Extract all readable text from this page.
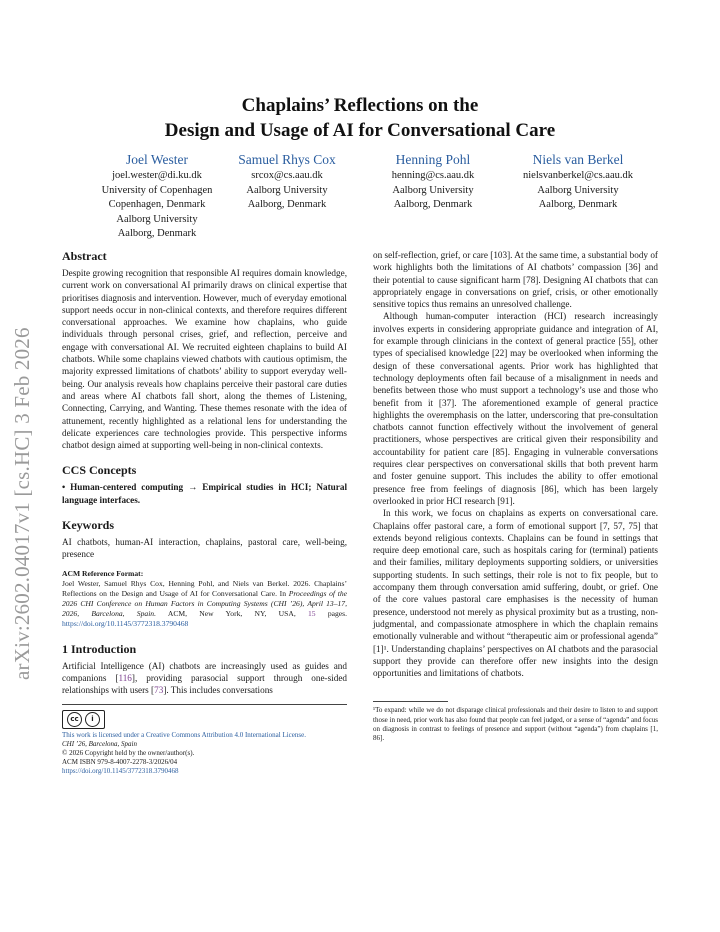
arXiv:2602.04017v1 [cs.HC] 3 Feb 2026
Chaplains’ Reflections on the
Design and Usage of AI for Conversational Care
Joel Wester
joel.wester@di.ku.dk
University of Copenhagen
Copenhagen, Denmark
Aalborg University
Aalborg, Denmark
Samuel Rhys Cox
srcox@cs.aau.dk
Aalborg University
Aalborg, Denmark
Henning Pohl
henning@cs.aau.dk
Aalborg University
Aalborg, Denmark
Niels van Berkel
nielsvanberkel@cs.aau.dk
Aalborg University
Aalborg, Denmark
Abstract

Despite growing recognition that responsible AI requires domain knowledge, current work on conversational AI primarily draws on clinical expertise that prioritises diagnosis and intervention. However, much of everyday emotional support needs occur in non-clinical contexts, and therefore requires different conversational approaches. We examine how chaplains, who guide individuals through personal crises, grief, and reflection, perceive and engage with conversational AI. We recruited eighteen chaplains to build AI chatbots. While some chaplains viewed chatbots with cautious optimism, the majority expressed limitations of chatbots’ ability to support everyday well-being. Our analysis reveals how chaplains perceive their pastoral care duties and areas where AI chatbots fall short, along the themes of Listening, Connecting, Carrying, and Wanting. These themes resonate with the idea of attunement, recently highlighted as a relational lens for understanding the delicate experiences care technologies provide. This perspective informs chatbot design aimed at supporting well-being in non-clinical contexts.

CCS Concepts

• Human-centered computing → Empirical studies in HCI; Natural language interfaces.

Keywords

AI chatbots, human-AI interaction, chaplains, pastoral care, well-being, presence

ACM Reference Format:
Joel Wester, Samuel Rhys Cox, Henning Pohl, and Niels van Berkel. 2026. Chaplains’ Reflections on the Design and Usage of AI for Conversational Care. In Proceedings of the 2026 CHI Conference on Human Factors in Computing Systems (CHI ’26), April 13–17, 2026, Barcelona, Spain. ACM, New York, NY, USA, 15 pages. https://doi.org/10.1145/3772318.3790468
1 Introduction

Artificial Intelligence (AI) chatbots are increasingly used as guides and companions [116], providing parasocial support through one-sided relationships with users [73]. This includes conversations

cc	i
This work is licensed under a Creative Commons Attribution 4.0 International License.
CHI ’26, Barcelona, Spain
© 2026 Copyright held by the owner/author(s).
ACM ISBN 979-8-4007-2278-3/2026/04
https://doi.org/10.1145/3772318.3790468

on self-reflection, grief, or care [103]. At the same time, a substantial body of work highlights both the limitations of AI chatbots’ compassion [36] and their potential to cause significant harm [78]. Designing AI chatbots that can appropriately engage in conversations on grief, crisis, or other emotionally sensitive topics thus remains an unresolved challenge.

Although human-computer interaction (HCI) research increasingly involves experts in considering appropriate guidance and integration of AI, for example through clinicians in the context of general practice [55], other types of specialised knowledge [22] may be overlooked when informing the design of these conversational agents. Prior work has highlighted that technology deployments often fail because of a misalignment in needs and benefits between those who must support a technology’s use and those who benefit from it [37]. The aforementioned example of general practice highlights the overemphasis on the latter, underscoring that pre-consultation chatbots cannot function effectively without the involvement of general practitioners, whose perspectives are critical given their responsibility and accountability for patient care [85]. Engaging in vulnerable conversations requires clear perspectives on conversational skills that both prevent harm and foster genuine support. This includes the ability to offer emotional presence free from feelings of diagnosis [86], which has been largely overlooked in prior HCI research [91].

In this work, we focus on chaplains as experts on conversational care. Chaplains offer pastoral care, a form of emotional support [7, 57, 75] that extends beyond religious contexts. Chaplains can be found in settings that require deep emotional care, such as hospitals caring for (terminal) patients and their families, military deployments supporting soldiers, or universities supporting students. In such settings, their role is not to fix people, but to accompany them through conversation amid suffering, doubt, or grief. One of the core values pastoral care emphasises is the necessity of human presence, understood not merely as physical proximity but as a trusting, non-judgmental, and compassionate atmosphere in which the chaplain remains emotionally vulnerable and without “therapeutic aim or professional agenda” [1]¹. Understanding chaplains’ perspectives on AI chatbots and the parasocial support they provide can therefore offer new insights into the design opportunities and limitations of chatbots.

¹To expand: while we do not disparage clinical professionals and their desire to listen to and support those in need, prior work has also found that people can feel judged, or a sense of “agenda” and focus on diagnosis in contrast to feelings of presence and support (without “agenda”) from chaplains [1, 86].
